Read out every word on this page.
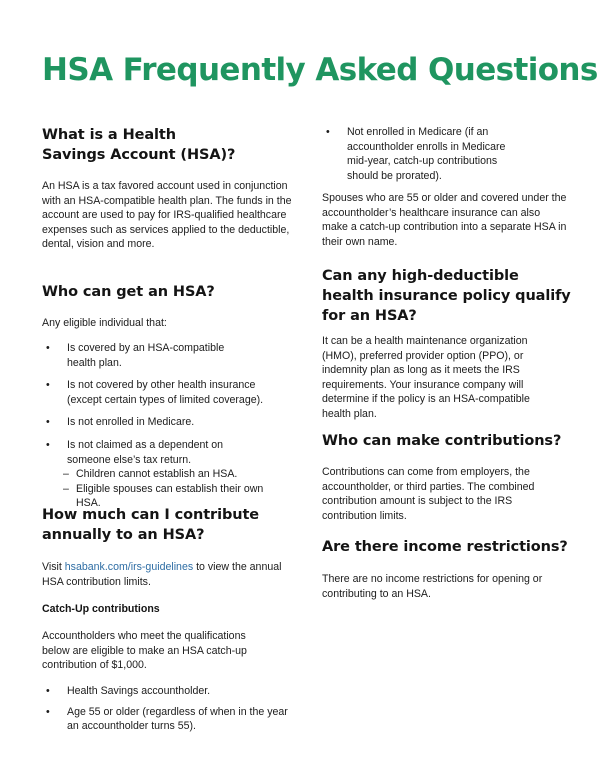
HSA Frequently Asked Questions
What is a Health Savings Account (HSA)?

An HSA is a tax favored account used in conjunction with an HSA-compatible health plan. The funds in the account are used to pay for IRS-qualified healthcare expenses such as services applied to the deductible, dental, vision and more.

Who can get an HSA?

Any eligible individual that:

• Is covered by an HSA-compatible health plan.
• Is not covered by other health insurance (except certain types of limited coverage).
• Is not enrolled in Medicare.
• Is not claimed as a dependent on someone else’s tax return.
– Children cannot establish an HSA.
– Eligible spouses can establish their own HSA.
How much can I contribute annually to an HSA?

Visit hsabank.com/irs-guidelines to view the annual HSA contribution limits.

Catch-Up contributions

Accountholders who meet the qualifications below are eligible to make an HSA catch-up contribution of $1,000.

• Health Savings accountholder.
• Age 55 or older (regardless of when in the year an accountholder turns 55).
• Not enrolled in Medicare (if an accountholder enrolls in Medicare mid-year, catch-up contributions should be prorated).

Spouses who are 55 or older and covered under the accountholder’s healthcare insurance can also make a catch-up contribution into a separate HSA in their own name.

Can any high-deductible health insurance policy qualify for an HSA?

It can be a health maintenance organization (HMO), preferred provider option (PPO), or indemnity plan as long as it meets the IRS requirements. Your insurance company will determine if the policy is an HSA-compatible health plan.

Who can make contributions?

Contributions can come from employers, the accountholder, or third parties. The combined contribution amount is subject to the IRS contribution limits.

Are there income restrictions?

There are no income restrictions for opening or contributing to an HSA.
